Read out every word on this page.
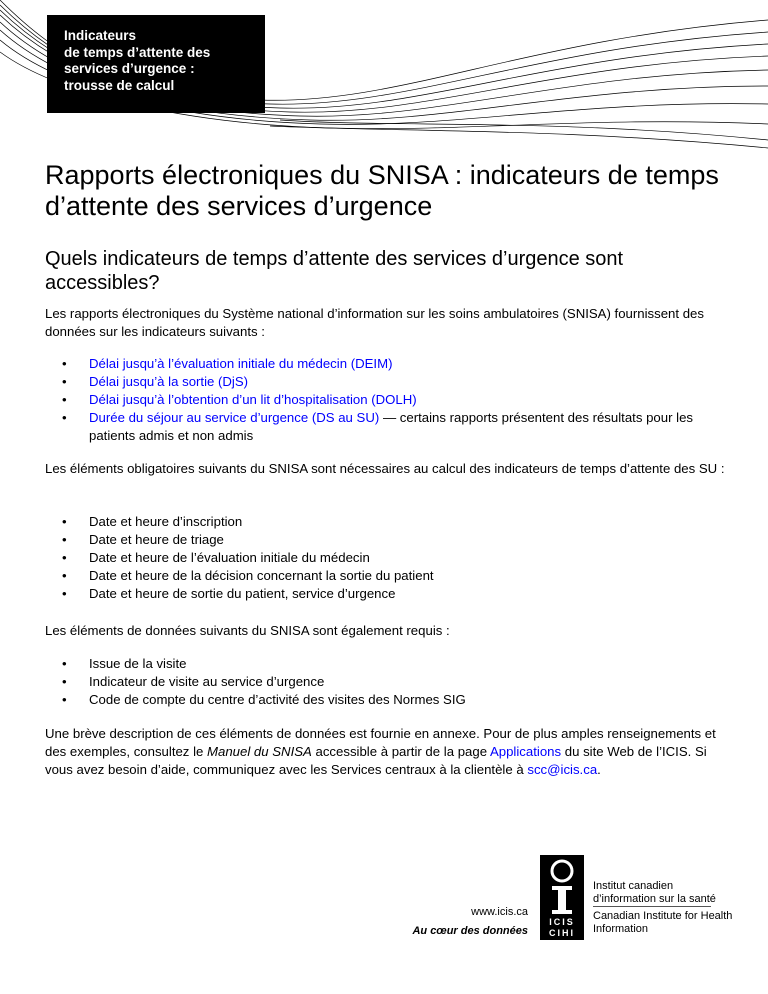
Indicateurs
de temps d’attente des
services d’urgence :
trousse de calcul
Rapports électroniques du SNISA : indicateurs de temps d’attente des services d’urgence
Quels indicateurs de temps d’attente des services d’urgence sont accessibles?

Les rapports électroniques du Système national d’information sur les soins ambulatoires (SNISA) fournissent des données sur les indicateurs suivants :

• Délai jusqu’à l’évaluation initiale du médecin (DEIM)
• Délai jusqu’à la sortie (DjS)
• Délai jusqu’à l’obtention d’un lit d’hospitalisation (DOLH)
• Durée du séjour au service d’urgence (DS au SU) — certains rapports présentent des résultats pour les patients admis et non admis

Les éléments obligatoires suivants du SNISA sont nécessaires au calcul des indicateurs de temps d’attente des SU :

• Date et heure d’inscription
• Date et heure de triage
• Date et heure de l’évaluation initiale du médecin
• Date et heure de la décision concernant la sortie du patient
• Date et heure de sortie du patient, service d’urgence

Les éléments de données suivants du SNISA sont également requis :

• Issue de la visite
• Indicateur de visite au service d’urgence
• Code de compte du centre d’activité des visites des Normes SIG

Une brève description de ces éléments de données est fournie en annexe. Pour de plus amples renseignements et des exemples, consultez le Manuel du SNISA accessible à partir de la page Applications du site Web de l’ICIS. Si vous avez besoin d’aide, communiquez avec les Services centraux à la clientèle à scc@icis.ca.

www.icis.ca
Au cœur des données
ICIS
CIHI
Institut canadien d’information sur la santé
Canadian Institute for Health Information
